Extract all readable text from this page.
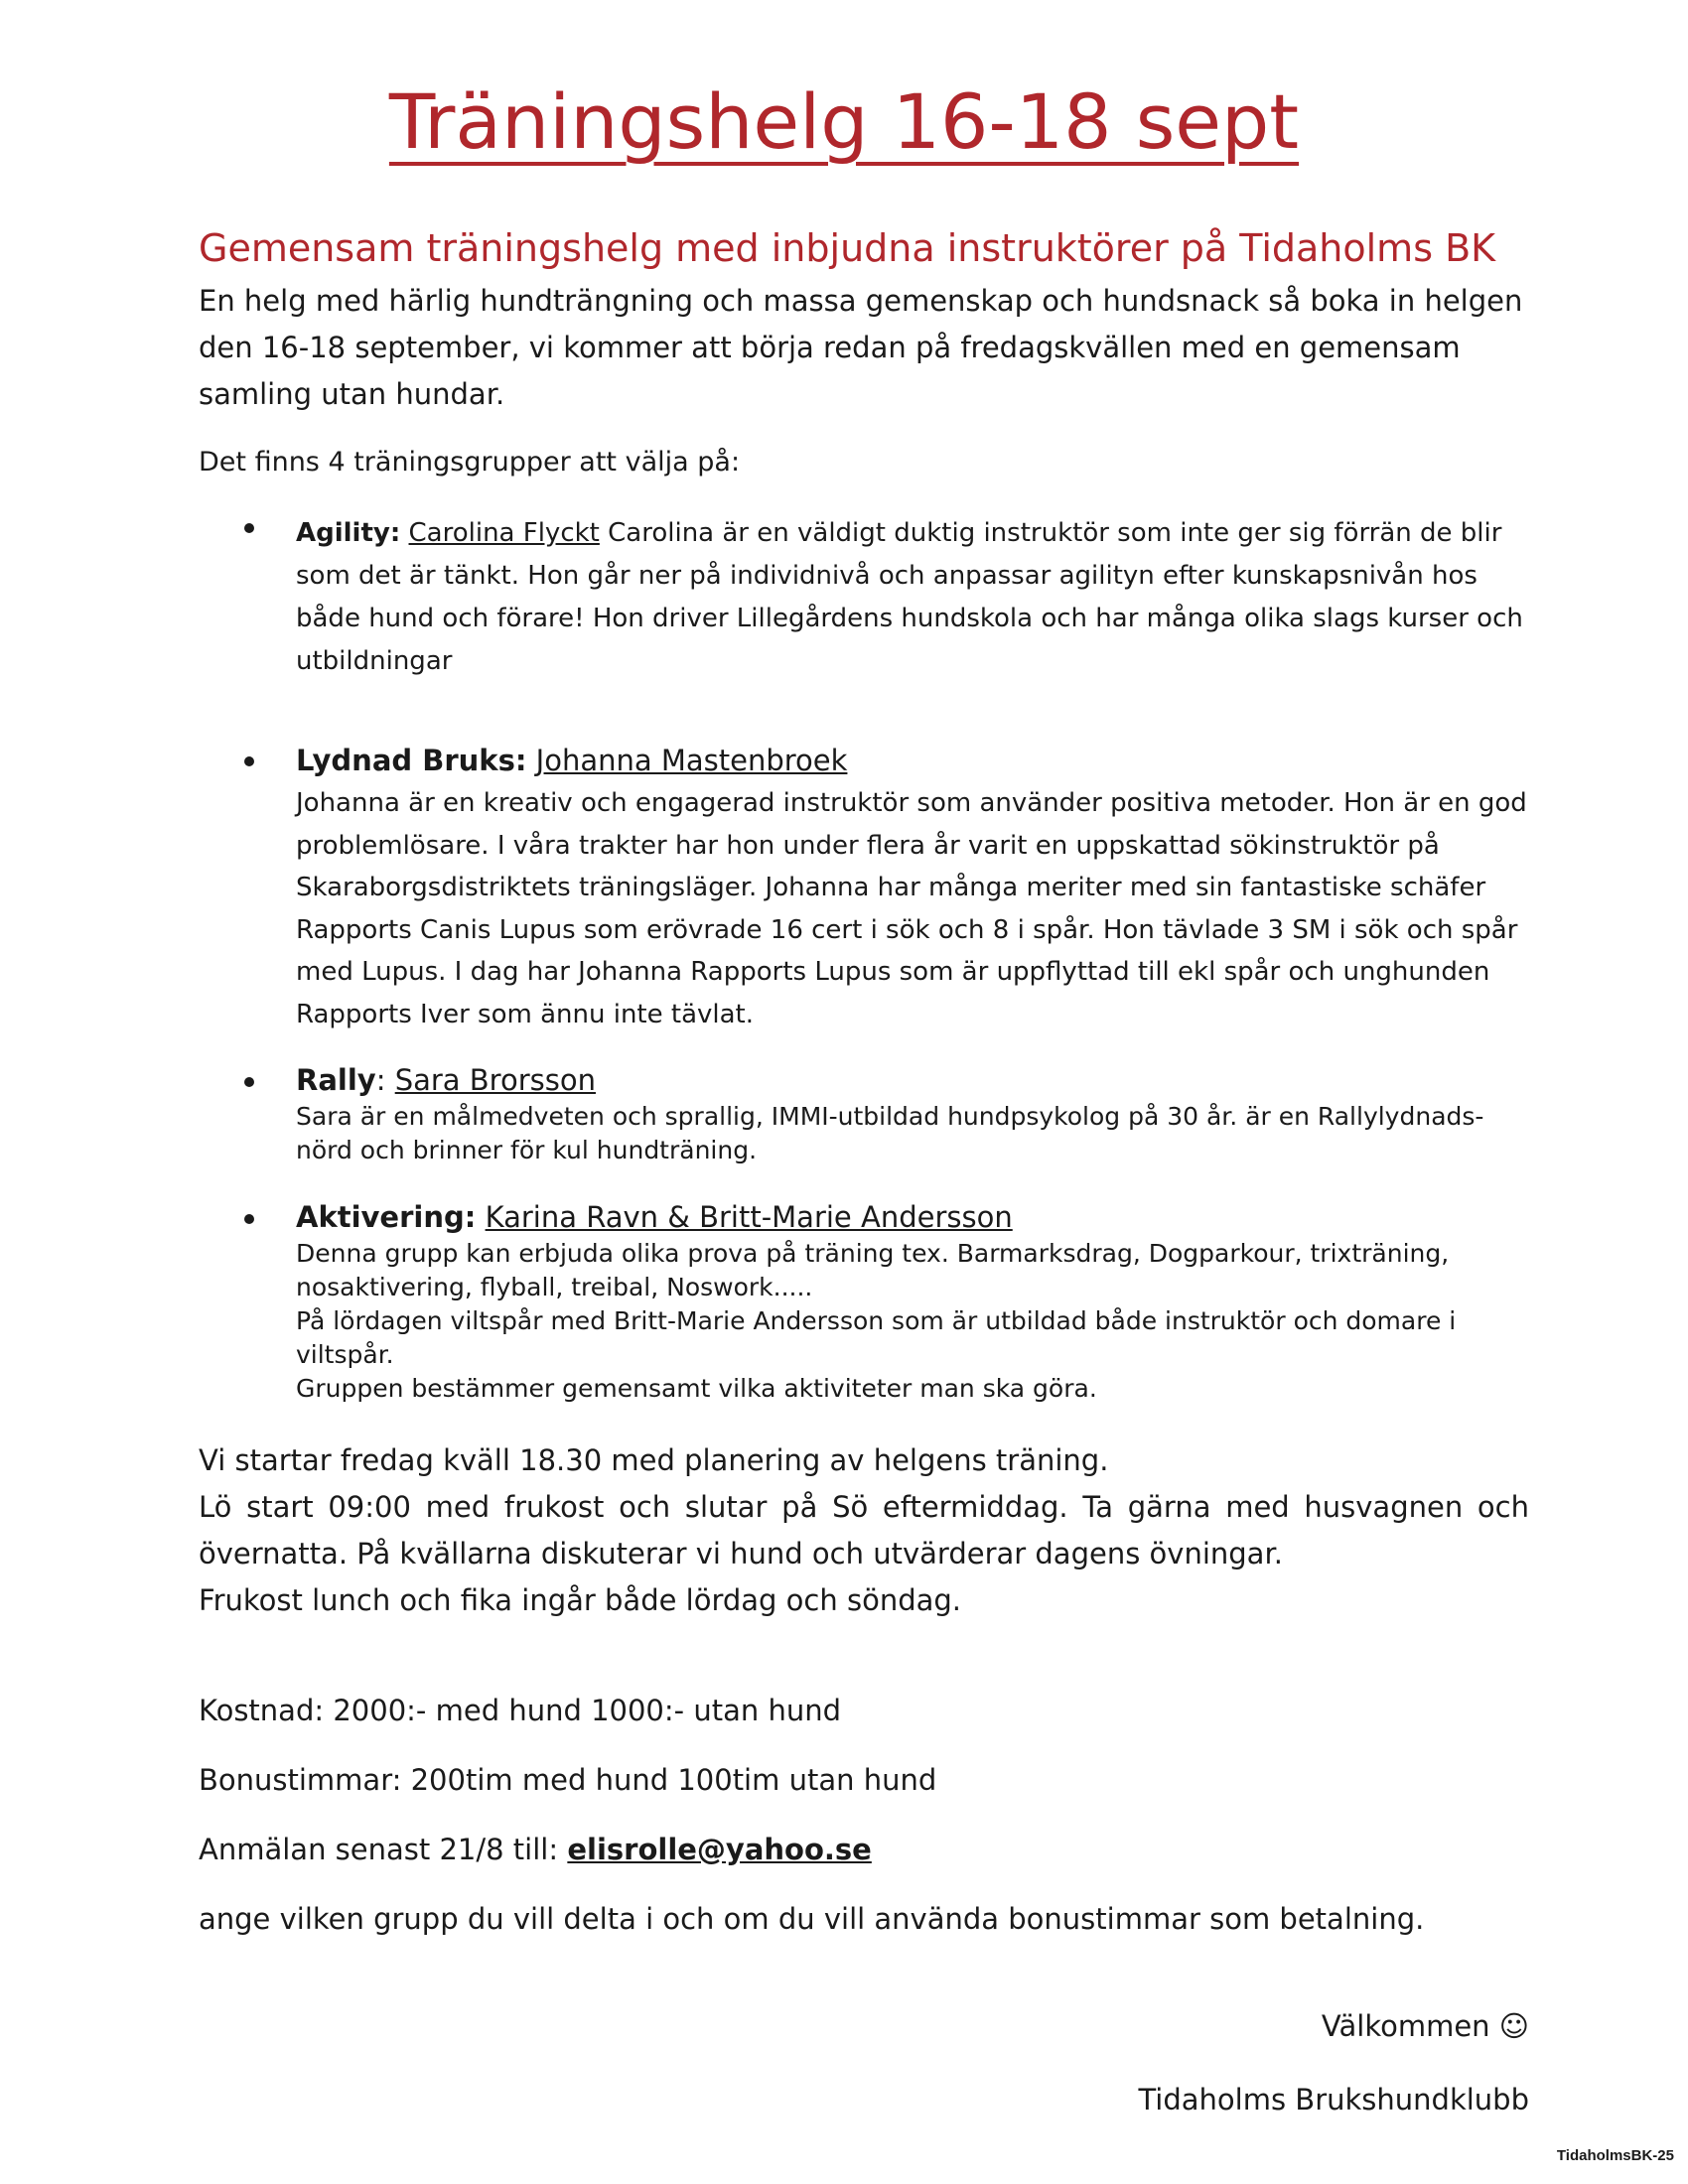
Träningshelg 16-18 sept
Gemensam träningshelg med inbjudna instruktörer på Tidaholms BK

En helg med härlig hundträngning och massa gemenskap och hundsnack så boka in helgen den 16-18 september, vi kommer att börja redan på fredagskvällen med en gemensam samling utan hundar.

Det finns 4 träningsgrupper att välja på:

Agility: Carolina Flyckt Carolina är en väldigt duktig instruktör som inte ger sig förrän de blir som det är tänkt. Hon går ner på individnivå och anpassar agilityn efter kunskapsnivån hos både hund och förare! Hon driver Lillegårdens hundskola och har många olika slags kurser och utbildningar

Lydnad Bruks: Johanna Mastenbroek
Johanna är en kreativ och engagerad instruktör som använder positiva metoder. Hon är en god problemlösare. I våra trakter har hon under flera år varit en uppskattad sökinstruktör på Skaraborgsdistriktets träningsläger. Johanna har många meriter med sin fantastiske schäfer Rapports Canis Lupus som erövrade 16 cert i sök och 8 i spår. Hon tävlade 3 SM i sök och spår med Lupus. I dag har Johanna Rapports Lupus som är uppflyttad till ekl spår och unghunden Rapports Iver som ännu inte tävlat.
Rally: Sara Brorsson
Sara är en målmedveten och sprallig, IMMI-utbildad hundpsykolog på 30 år. är en Rallylydnads-nörd och brinner för kul hundträning.
Aktivering: Karina Ravn & Britt-Marie Andersson
Denna grupp kan erbjuda olika prova på träning tex. Barmarksdrag, Dogparkour, trixträning, nosaktivering, flyball, treibal, Noswork.....
På lördagen viltspår med Britt-Marie Andersson som är utbildad både instruktör och domare i viltspår.
Gruppen bestämmer gemensamt vilka aktiviteter man ska göra.
Vi startar fredag kväll 18.30 med planering av helgens träning.
Lö start 09:00 med frukost och slutar på Sö eftermiddag. Ta gärna med husvagnen och övernatta. På kvällarna diskuterar vi hund och utvärderar dagens övningar.
Frukost lunch och fika ingår både lördag och söndag.

Kostnad: 2000:- med hund 1000:- utan hund

Bonustimmar: 200tim med hund 100tim utan hund

Anmälan senast 21/8 till: elisrolle@yahoo.se

ange vilken grupp du vill delta i och om du vill använda bonustimmar som betalning.

Välkommen ☺

Tidaholms Brukshundklubb

TidaholmsBK-25
